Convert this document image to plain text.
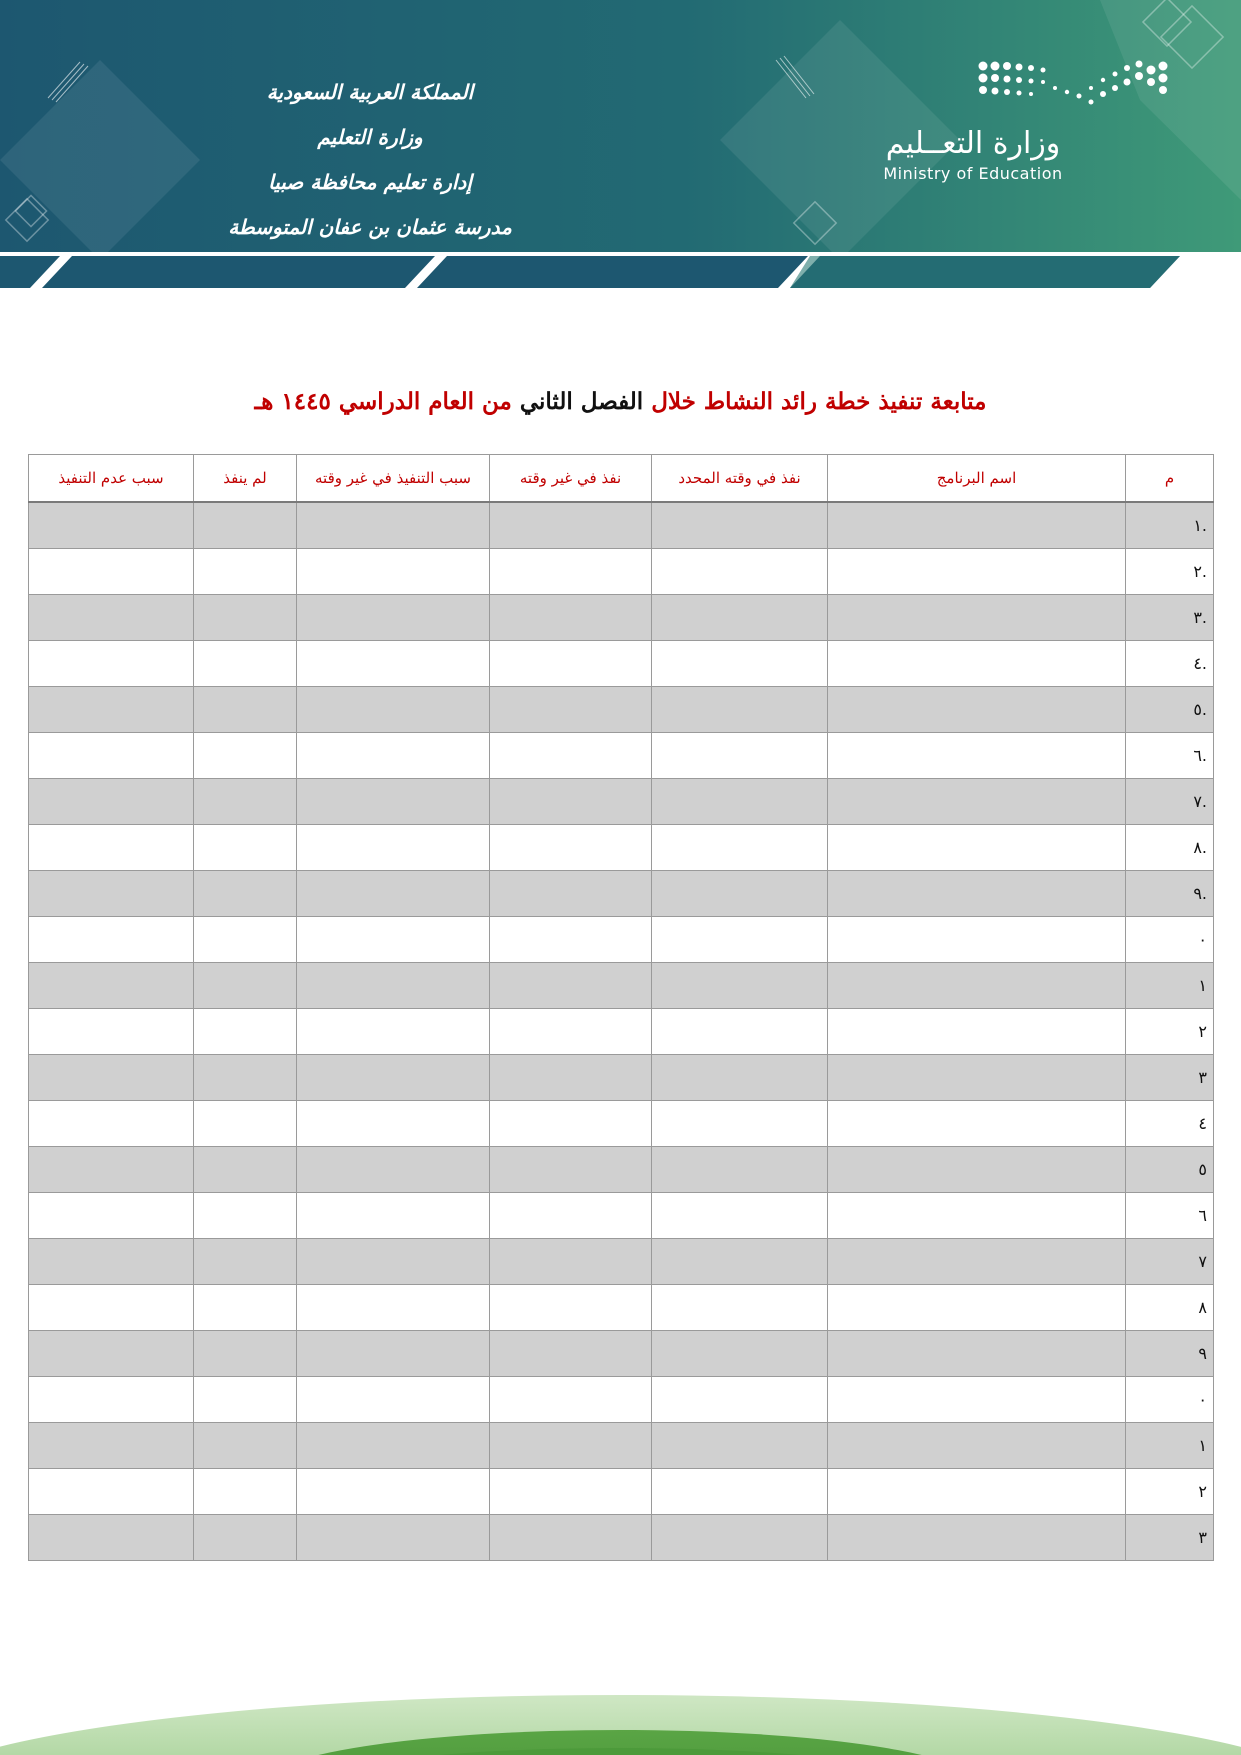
المملكة العربية السعودية
وزارة التعليم
إدارة تعليم محافظة صبيا
مدرسة عثمان بن عفان المتوسطة
وزارة التعــليم
Ministry of Education
متابعة تنفيذ خطة رائد النشاط خلال الفصل الثاني من العام الدراسي ١٤٤٥ هـ
م	اسم البرنامج	نفذ في وقته المحدد	نفذ في غير وقته	سبب التنفيذ في غير وقته	لم ينفذ	سبب عدم التنفيذ
.١						
.٢						
.٣						
.٤						
.٥						
.٦						
.٧						
.٨						
.٩						
٠						
١						
٢						
٣						
٤						
٥						
٦						
٧						
٨						
٩						
٠						
١						
٢						
٣						
